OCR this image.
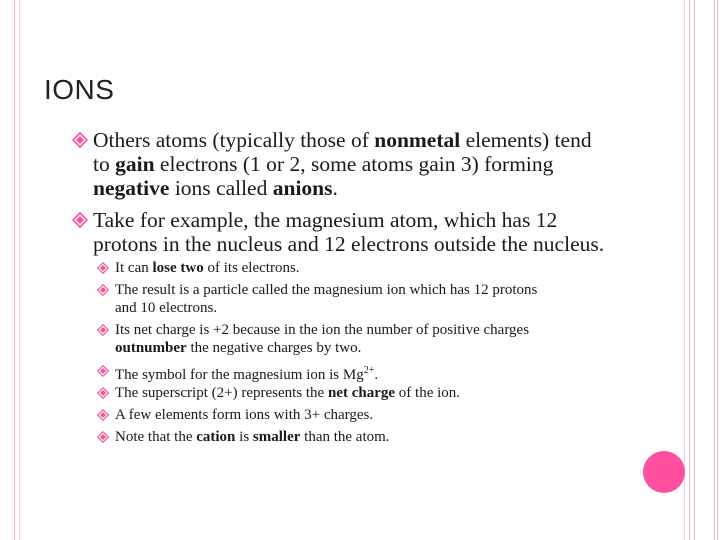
IONS
Others atoms (typically those of nonmetal elements) tend
to gain electrons (1 or 2, some atoms gain 3) forming
negative ions called anions.
Take for example, the magnesium atom, which has 12
protons in the nucleus and 12 electrons outside the nucleus.
It can lose two of its electrons.
The result is a particle called the magnesium ion which has 12 protons
and 10 electrons.
Its net charge is +2 because in the ion the number of positive charges
outnumber the negative charges by two.
The symbol for the magnesium ion is $Mg^{2+}$.
The superscript (2+) represents the net charge of the ion.
A few elements form ions with 3+ charges.
Note that the cation is smaller than the atom.
